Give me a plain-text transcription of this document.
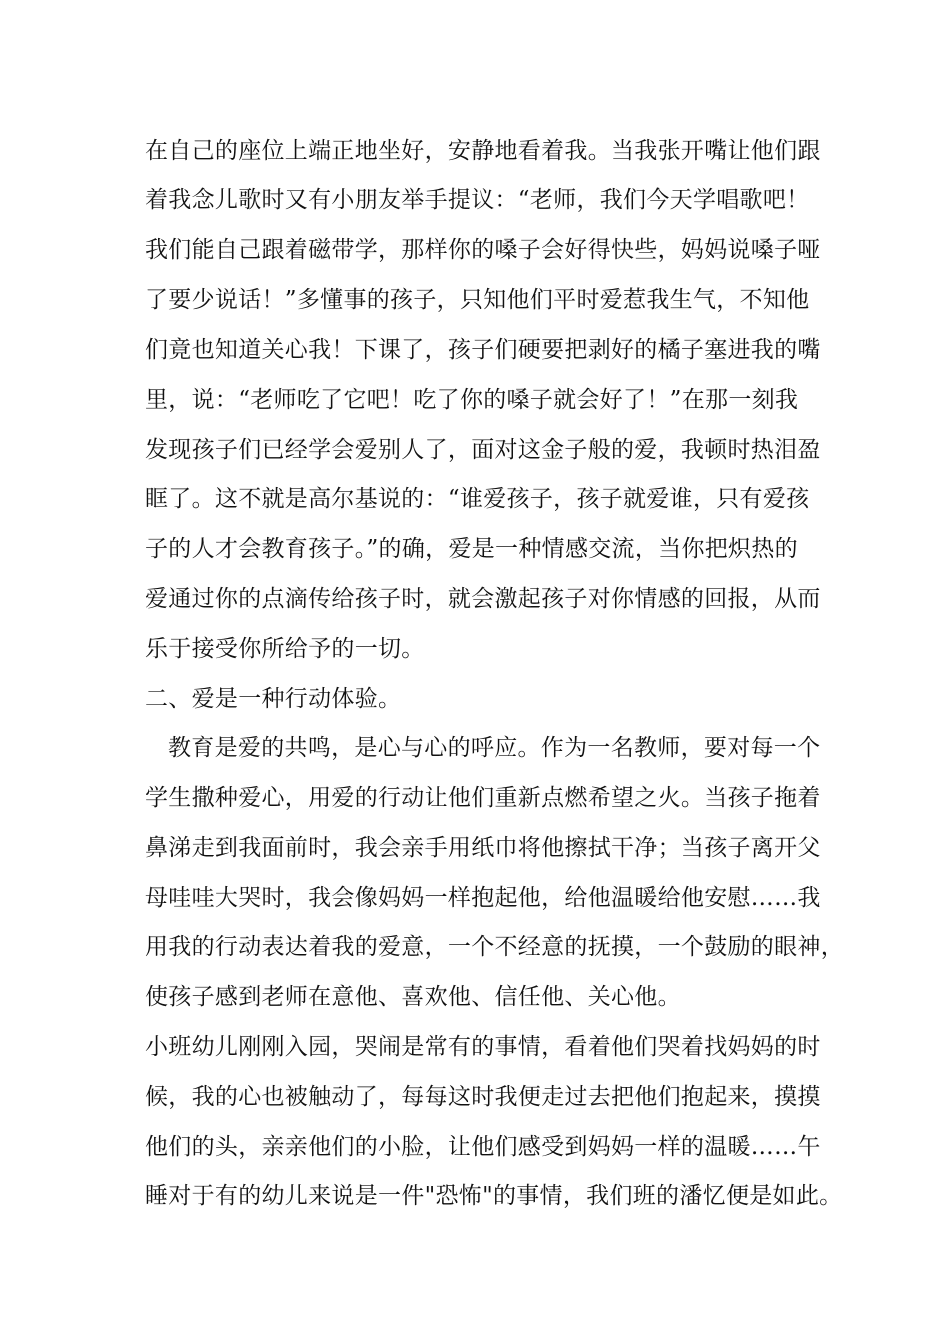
在自己的座位上端正地坐好，安静地看着我。当我张开嘴让他们跟
着我念儿歌时又有小朋友举手提议：“老师，我们今天学唱歌吧！
我们能自己跟着磁带学，那样你的嗓子会好得快些，妈妈说嗓子哑
了要少说话！”多懂事的孩子，只知他们平时爱惹我生气，不知他
们竟也知道关心我！下课了，孩子们硬要把剥好的橘子塞进我的嘴
里，说：“老师吃了它吧！吃了你的嗓子就会好了！”在那一刻我
发现孩子们已经学会爱别人了，面对这金子般的爱，我顿时热泪盈
眶了。这不就是高尔基说的：“谁爱孩子，孩子就爱谁，只有爱孩
子的人才会教育孩子。”的确，爱是一种情感交流，当你把炽热的
爱通过你的点滴传给孩子时，就会激起孩子对你情感的回报，从而
乐于接受你所给予的一切。
二、爱是一种行动体验。
教育是爱的共鸣，是心与心的呼应。作为一名教师，要对每一个
学生撒种爱心，用爱的行动让他们重新点燃希望之火。当孩子拖着
鼻涕走到我面前时，我会亲手用纸巾将他擦拭干净；当孩子离开父
母哇哇大哭时，我会像妈妈一样抱起他，给他温暖给他安慰……我
用我的行动表达着我的爱意，一个不经意的抚摸，一个鼓励的眼神，
使孩子感到老师在意他、喜欢他、信任他、关心他。
小班幼儿刚刚入园，哭闹是常有的事情，看着他们哭着找妈妈的时
候，我的心也被触动了，每每这时我便走过去把他们抱起来，摸摸
他们的头，亲亲他们的小脸，让他们感受到妈妈一样的温暖……午
睡对于有的幼儿来说是一件"恐怖"的事情，我们班的潘忆便是如此。
